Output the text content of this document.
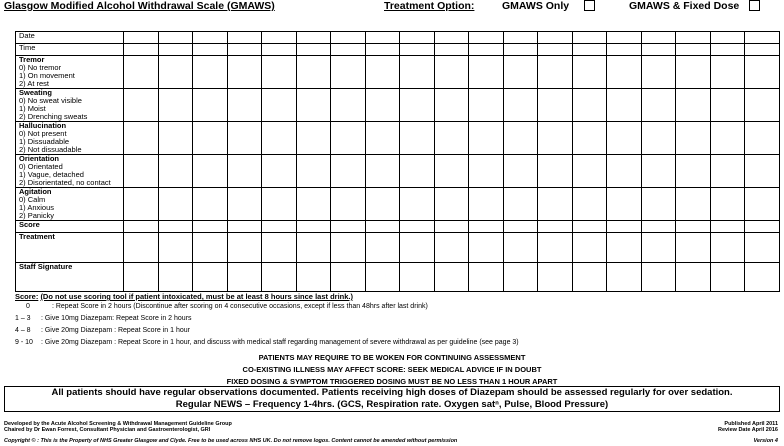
Glasgow Modified Alcohol Withdrawal Scale (GMAWS)	Treatment Option:	GMAWS Only	GMAWS & Fixed Dose
Date																			
Time																			

Tremor
0) No tremor
1) On movement
2) At rest																			

Sweating
0) No sweat visible
1) Moist
2) Drenching sweats																			

Hallucination
0) Not present
1) Dissuadable
2) Not dissuadable																			

Orientation
0) Orientated
1) Vague, detached
2) Disorientated, no contact																			

Agitation
0) Calm
1) Anxious
2) Panicky																			

Score																			

Treatment																			

Staff Signature																			

Score: (Do not use scoring tool if patient intoxicated, must be at least 8 hours since last drink.)
0	: Repeat Score in 2 hours (Discontinue after scoring on 4 consecutive occasions, except if less than 48hrs after last drink)
1 – 3 : Give 10mg Diazepam: Repeat Score in 2 hours
4 – 8 : Give 20mg Diazepam : Repeat Score in 1 hour
9 - 10 : Give 20mg Diazepam : Repeat Score in 1 hour, and discuss with medical staff regarding management of severe withdrawal as per guideline (see page 3)
PATIENTS MAY REQUIRE TO BE WOKEN FOR CONTINUING ASSESSMENT
CO-EXISTING ILLNESS MAY AFFECT SCORE: SEEK MEDICAL ADVICE IF IN DOUBT
FIXED DOSING & SYMPTOM TRIGGERED DOSING MUST BE NO LESS THAN 1 HOUR APART
All patients should have regular observations documented. Patients receiving high doses of Diazepam should be assessed regularly for over sedation.
Regular NEWS – Frequency 1-4hrs. (GCS, Respiration rate. Oxygen satⁿ, Pulse, Blood Pressure)
Developed by the Acute Alcohol Screening & Withdrawal Management Guideline Group
Chaired by Dr Ewan Forrest, Consultant Physician and Gastroenterologist, GRI
Published April 2011
Review Date April 2016
Copyright © : This is the Property of NHS Greater Glasgow and Clyde. Free to be used across NHS UK. Do not remove logos. Content cannot be amended without permission	Version 4
